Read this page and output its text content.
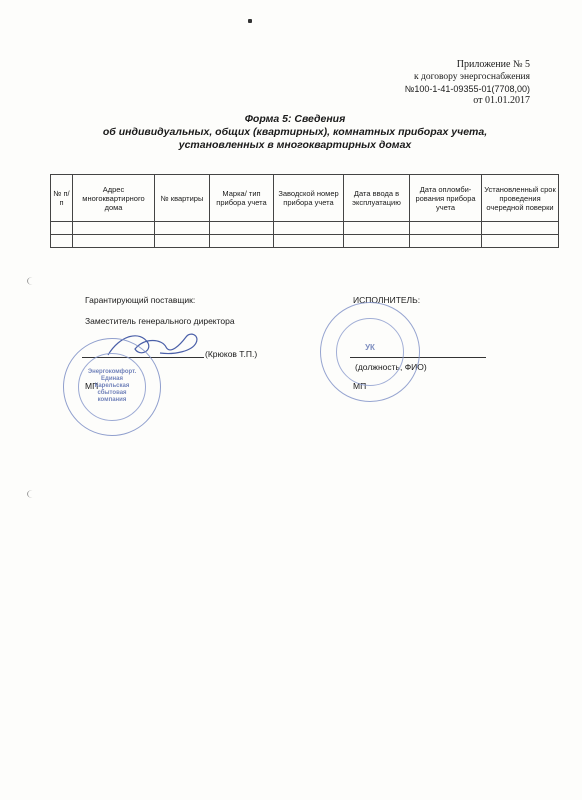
Приложение № 5
к договору энергоснабжения
№100-1-41-09355-01(7708,00)
от 01.01.2017
Форма 5: Сведения
об индивидуальных, общих (квартирных), комнатных приборах учета,
установленных в многоквартирных домах
№ п/п	Адрес многоквартирного дома	№ квартиры	Марка/ тип прибора учета	Заводской номер прибора учета	Дата ввода в эксплуатацию	Дата опломби- рования прибора учета	Установленный срок проведения очередной поверки

Гарантирующий поставщик:
Заместитель генерального директора
(Крюков Т.П.)
МП
Энергокомфорт. Единая Карельская сбытовая компания
ИСПОЛНИТЕЛЬ:
(должность, ФИО)
МП
УК
